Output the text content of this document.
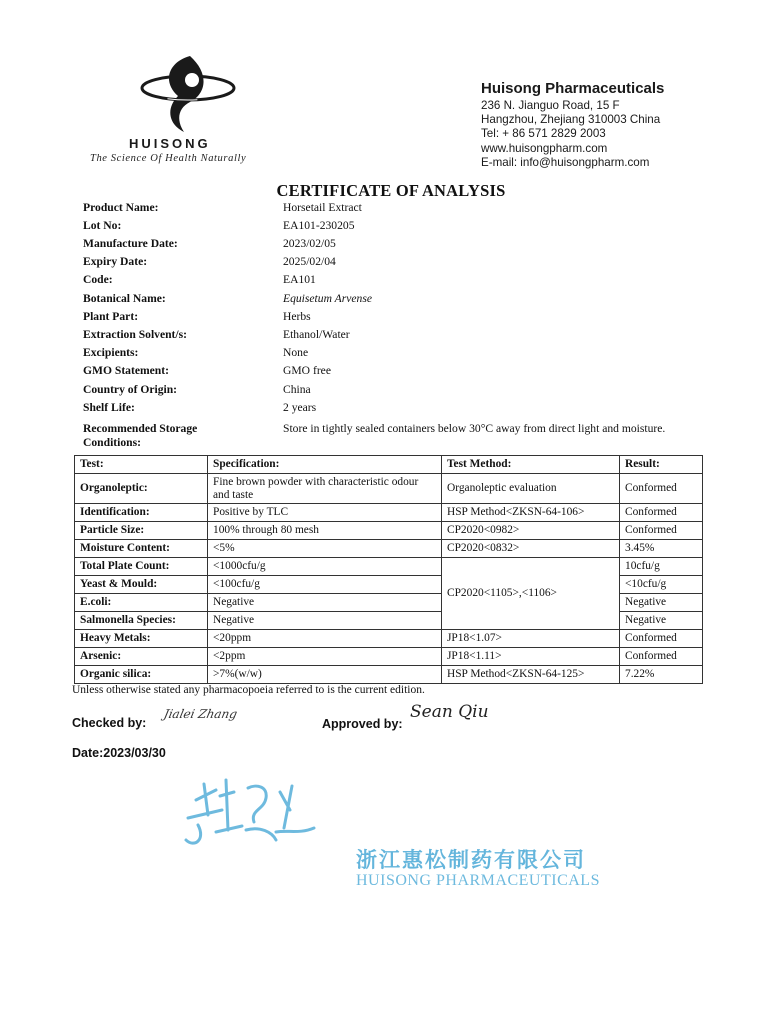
HUISONG
The Science Of Health Naturally
Huisong Pharmaceuticals
236 N. Jianguo Road, 15 F
Hangzhou, Zhejiang 310003 China
Tel: + 86 571 2829 2003
www.huisongpharm.com
E-mail: info@huisongpharm.com
CERTIFICATE OF ANALYSIS
Product Name:	Horsetail Extract
Lot No:	EA101-230205
Manufacture Date:	2023/02/05
Expiry Date:	2025/02/04
Code:	EA101
Botanical Name:	Equisetum Arvense
Plant Part:	Herbs
Extraction Solvent/s:	Ethanol/Water
Excipients:	None
GMO Statement:	GMO free
Country of Origin:	China
Shelf Life:	2 years
Recommended Storage Conditions:
Store in tightly sealed containers below 30°C away from direct light and moisture.
Test:	Specification:	Test Method:	Result:
Organoleptic:	Fine brown powder with characteristic odour and taste	Organoleptic evaluation	Conformed
Identification:	Positive by TLC	HSP Method<ZKSN-64-106>	Conformed
Particle Size:	100% through 80 mesh	CP2020<0982>	Conformed
Moisture Content:	<5%	CP2020<0832>	3.45%
Total Plate Count:	<1000cfu/g	CP2020<1105>,<1106>	10cfu/g
Yeast & Mould:	<100cfu/g		<10cfu/g
E.coli:	Negative		Negative
Salmonella Species:	Negative		Negative
Heavy Metals:	<20ppm	JP18<1.07>	Conformed
Arsenic:	<2ppm	JP18<1.11>	Conformed
Organic silica:	>7%(w/w)	HSP Method<ZKSN-64-125>	7.22%
Unless otherwise stated any pharmacopoeia referred to is the current edition.
Checked by:
Jialei Zhang
Approved by:
Sean Qiu
Date:2023/03/30
浙江惠松制药有限公司
HUISONG PHARMACEUTICALS
